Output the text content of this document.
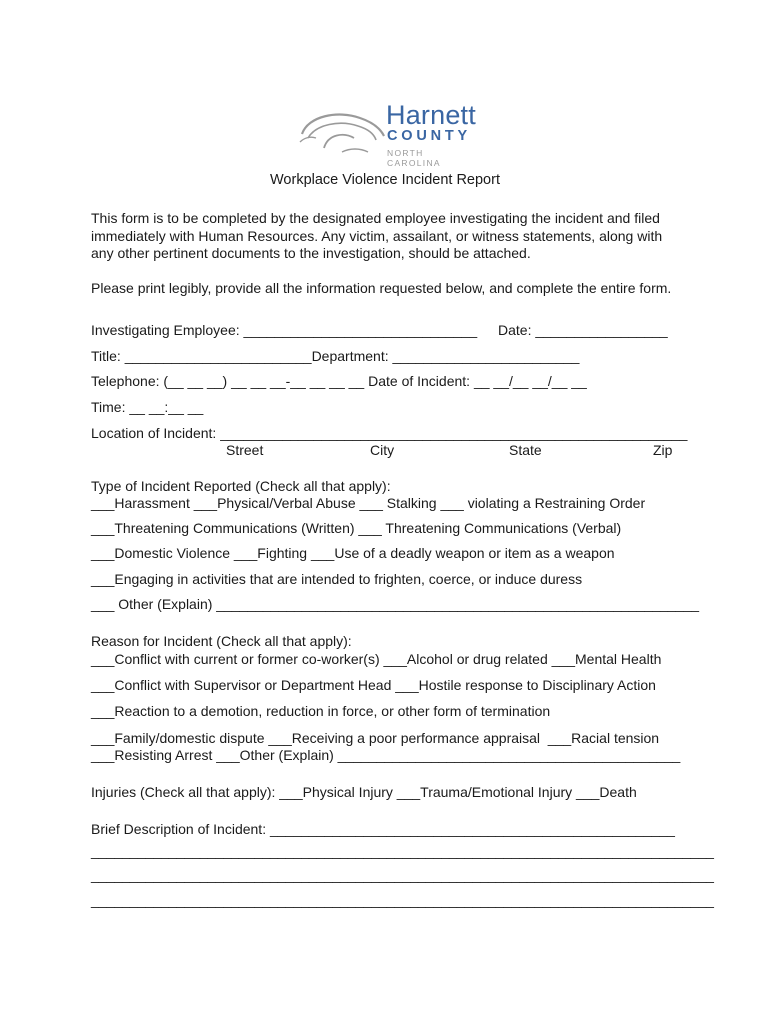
Harnett
COUNTY
NORTH CAROLINA
Workplace Violence Incident Report
This form is to be completed by the designated employee investigating the incident and filed immediately with Human Resources. Any victim, assailant, or witness statements, along with any other pertinent documents to the investigation, should be attached.
Please print legibly, provide all the information requested below, and complete the entire form.
Investigating Employee: ______________________________ Date: _________________
Title: ________________________Department: ________________________
Telephone: (__ __ __) __ __ __-__ __ __ __ Date of Incident: __ __/__ __/__ __
Time: __ __:__ __
Location of Incident: ____________________________________________________________
Street	City	State	Zip
Type of Incident Reported (Check all that apply):
___Harassment ___Physical/Verbal Abuse ___ Stalking ___ violating a Restraining Order
___Threatening Communications (Written) ___ Threatening Communications (Verbal)
___Domestic Violence ___Fighting ___Use of a deadly weapon or item as a weapon
___Engaging in activities that are intended to frighten, coerce, or induce duress
___ Other (Explain) ______________________________________________________________
Reason for Incident (Check all that apply):
___Conflict with current or former co-worker(s) ___Alcohol or drug related ___Mental Health
___Conflict with Supervisor or Department Head ___Hostile response to Disciplinary Action
___Reaction to a demotion, reduction in force, or other form of termination
___Family/domestic dispute ___Receiving a poor performance appraisal  ___Racial tension
___Resisting Arrest ___Other (Explain) ____________________________________________
Injuries (Check all that apply): ___Physical Injury ___Trauma/Emotional Injury ___Death
Brief Description of Incident: ____________________________________________________
________________________________________________________________________________
________________________________________________________________________________
________________________________________________________________________________
